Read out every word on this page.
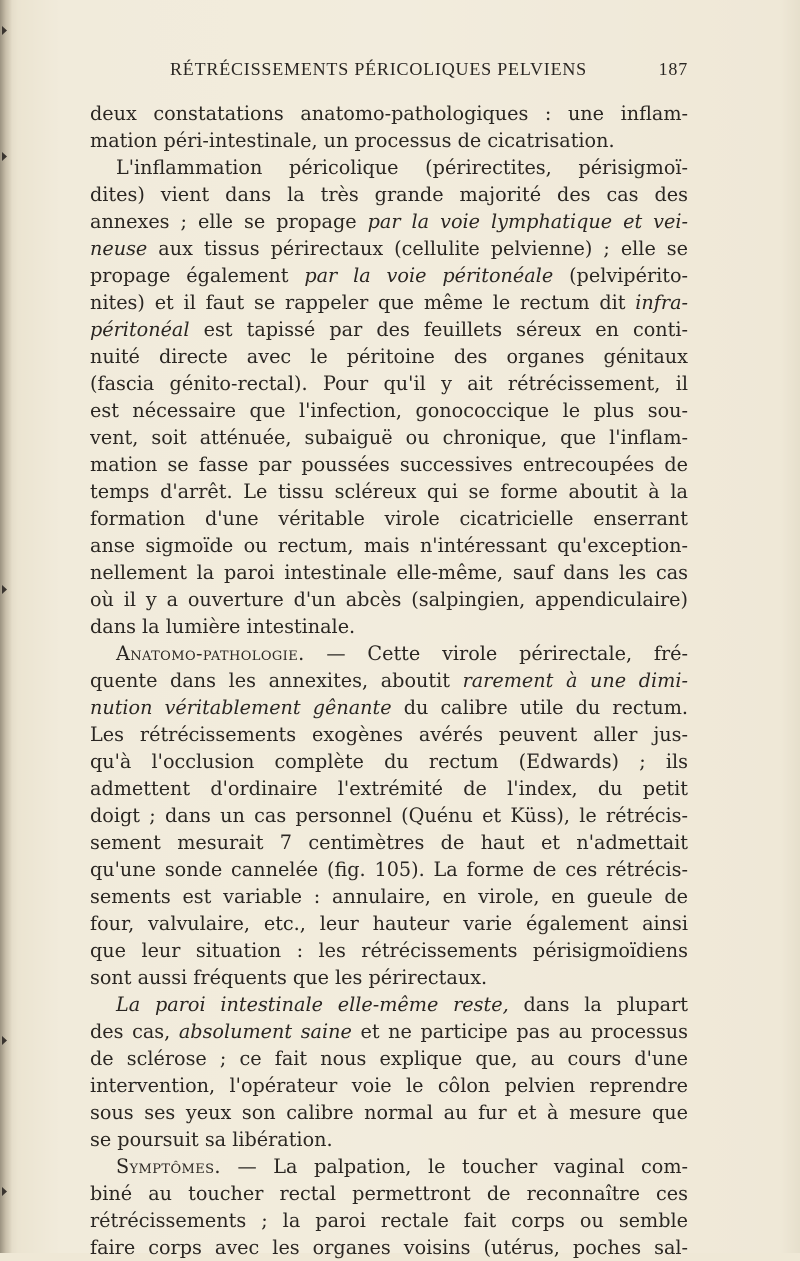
RÉTRÉCISSEMENTS PÉRICOLIQUES PELVIENS	187
deux constatations anatomo-pathologiques : une inflam-
mation péri-intestinale, un processus de cicatrisation.
L'inflammation péricolique (périrectites, périsigmoï-
dites) vient dans la très grande majorité des cas des
annexes ; elle se propage par la voie lymphatique et vei-
neuse aux tissus périrectaux (cellulite pelvienne) ; elle se
propage également par la voie péritonéale (pelvipérito-
nites) et il faut se rappeler que même le rectum dit infra-
péritonéal est tapissé par des feuillets séreux en conti-
nuité directe avec le péritoine des organes génitaux
(fascia génito-rectal). Pour qu'il y ait rétrécissement, il
est nécessaire que l'infection, gonococcique le plus sou-
vent, soit atténuée, subaiguë ou chronique, que l'inflam-
mation se fasse par poussées successives entrecoupées de
temps d'arrêt. Le tissu scléreux qui se forme aboutit à la
formation d'une véritable virole cicatricielle enserrant
anse sigmoïde ou rectum, mais n'intéressant qu'exception-
nellement la paroi intestinale elle-même, sauf dans les cas
où il y a ouverture d'un abcès (salpingien, appendiculaire)
dans la lumière intestinale.
Anatomo-pathologie. — Cette virole périrectale, fré-
quente dans les annexites, aboutit rarement à une dimi-
nution véritablement gênante du calibre utile du rectum.
Les rétrécissements exogènes avérés peuvent aller jus-
qu'à l'occlusion complète du rectum (Edwards) ; ils
admettent d'ordinaire l'extrémité de l'index, du petit
doigt ; dans un cas personnel (Quénu et Küss), le rétrécis-
sement mesurait 7 centimètres de haut et n'admettait
qu'une sonde cannelée (fig. 105). La forme de ces rétrécis-
sements est variable : annulaire, en virole, en gueule de
four, valvulaire, etc., leur hauteur varie également ainsi
que leur situation : les rétrécissements périsigmoïdiens
sont aussi fréquents que les périrectaux.
La paroi intestinale elle-même reste, dans la plupart
des cas, absolument saine et ne participe pas au processus
de sclérose ; ce fait nous explique que, au cours d'une
intervention, l'opérateur voie le côlon pelvien reprendre
sous ses yeux son calibre normal au fur et à mesure que
se poursuit sa libération.
Symptômes. — La palpation, le toucher vaginal com-
biné au toucher rectal permettront de reconnaître ces
rétrécissements ; la paroi rectale fait corps ou semble
faire corps avec les organes voisins (utérus, poches sal-
